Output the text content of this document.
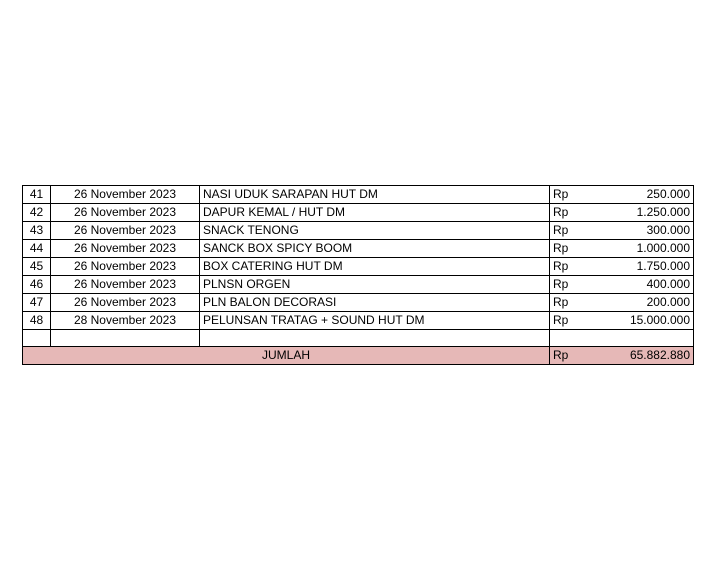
41	26 November 2023	NASI UDUK SARAPAN HUT DM	Rp	250.000
42	26 November 2023	DAPUR KEMAL / HUT DM	Rp	1.250.000
43	26 November 2023	SNACK TENONG	Rp	300.000
44	26 November 2023	SANCK BOX SPICY BOOM	Rp	1.000.000
45	26 November 2023	BOX CATERING HUT DM	Rp	1.750.000
46	26 November 2023	PLNSN ORGEN	Rp	400.000
47	26 November 2023	PLN BALON DECORASI	Rp	200.000
48	28 November 2023	PELUNSAN TRATAG + SOUND HUT DM	Rp	15.000.000

JUMLAH			Rp	65.882.880
